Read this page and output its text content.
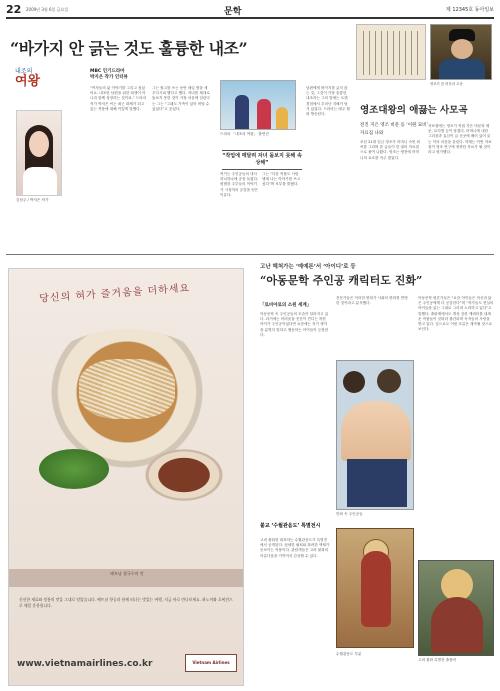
22 2009년 3월 6일 금요일	문학	제 12345호 동아일보
“바가지 안 긁는 것도 훌륭한 내조”
내조의
여왕
김남주 / 박지은 작가
MBC 인기드라마
박지은 작가 인터뷰
“여자들의 삶 이야기를 그리고 싶었어요. 내조란 남편을 위한 희생이 아니라 함께 성장하는 것이죠.” 드라마 작가 박지은 씨는 최근 화제가 되고 있는 작품에 대해 이렇게 말했다.
그는 원고를 쓰는 동안 매일 밤을 새우다시피 했다고 했다. 자녀를 제대로 돌보지 못한 것이 가장 마음에 걸린다는 그는 “그래도 가족이 있어 버틸 수 있었다”고 웃었다.
드라마 「내조의 여왕」 출연진
“작업에 매달려 자녀 돌보지 못해 속상해”
작가는 주인공들의 대사 하나하나에 공을 들였다. 평범한 주부들의 이야기가 시청자의 공감을 얻은 이유다.
그는 “다음 작품도 사람 냄새 나는 이야기를 쓰고 싶다”며 포부를 밝혔다.
남편에게 바가지를 긁지 않는 것, 그것이 가장 훌륭한 내조라는 그의 말에는 오랜 경험에서 우러난 지혜가 담겨 있었다. 드라마는 매주 월화 방송된다.
영조가 쓴 비문과 초상
영조대왕의 애끓는 사모곡
전진 지은 영조 비문 등 ‘이원 묘비’ 자료집 나와
조선 21대 임금 영조가 어머니 숙빈 최씨를 그리며 쓴 글들이 한 권의 자료집으로 묶여 나왔다. 영조는 생전에 어머니의 묘소를 자주 찾았다.
자료집에는 영조가 직접 지은 비문과 제문, 묘지명 등이 담겼다. 어머니에 대한 그리움과 효심이 글 곳곳에 배어 있어 읽는 이의 마음을 울린다. 학계는 이번 자료집이 영조 연구에 귀중한 자료가 될 것이라고 평가했다.
당신의 혀가 즐거움을 더하세요
베트남 쌀국수의 맛
신선한 재료와 정통의 맛을 그대로 담았습니다. 베트남 항공과 함께 떠나는 맛있는 여행, 지금 바로 만나보세요. 하노이와 호찌민으로 매일 운항합니다.
www.vietnamairlines.co.kr	Vietnam Airlines
고난 헤쳐가는 ‘예예론’서 ‘아이디’로 등
“아동문학 주인공 캐릭터도 진화”
「로비아로의 소원 세계」
아동문학 속 주인공들의 모습이 달라지고 있다. 과거에는 어려움을 꿋꿋이 견디는 착한 아이가 주인공이었다면 요즘에는 자기 생각을 분명히 말하고 행동하는 아이들이 등장한다.
전문가들은 이러한 변화가 사회의 변화를 반영한 것이라고 분석했다.
아동문학 평론가들은 “요즘 아이들은 자신과 닮은 주인공에게 더 공감한다”며 “작가들도 현실의 아이들을 있는 그대로 그리려 노력하고 있다”고 말했다. 출판계에서도 개성 강한 캐릭터를 내세운 작품들이 잇따라 출간되며 독자들의 사랑을 받고 있다. 앞으로도 이런 흐름은 계속될 것으로 보인다.
만화 속 주인공들
불교 ‘수월관음도’ 특별전시
고려 불화를 대표하는 수월관음도가 특별전에서 공개된다. 섬세한 필치와 화려한 색채가 돋보이는 작품이다. 관람객들은 고려 불화의 아름다움을 가까이서 감상할 수 있다.
수월관음도 부분
고려 불화 특별전 출품작
